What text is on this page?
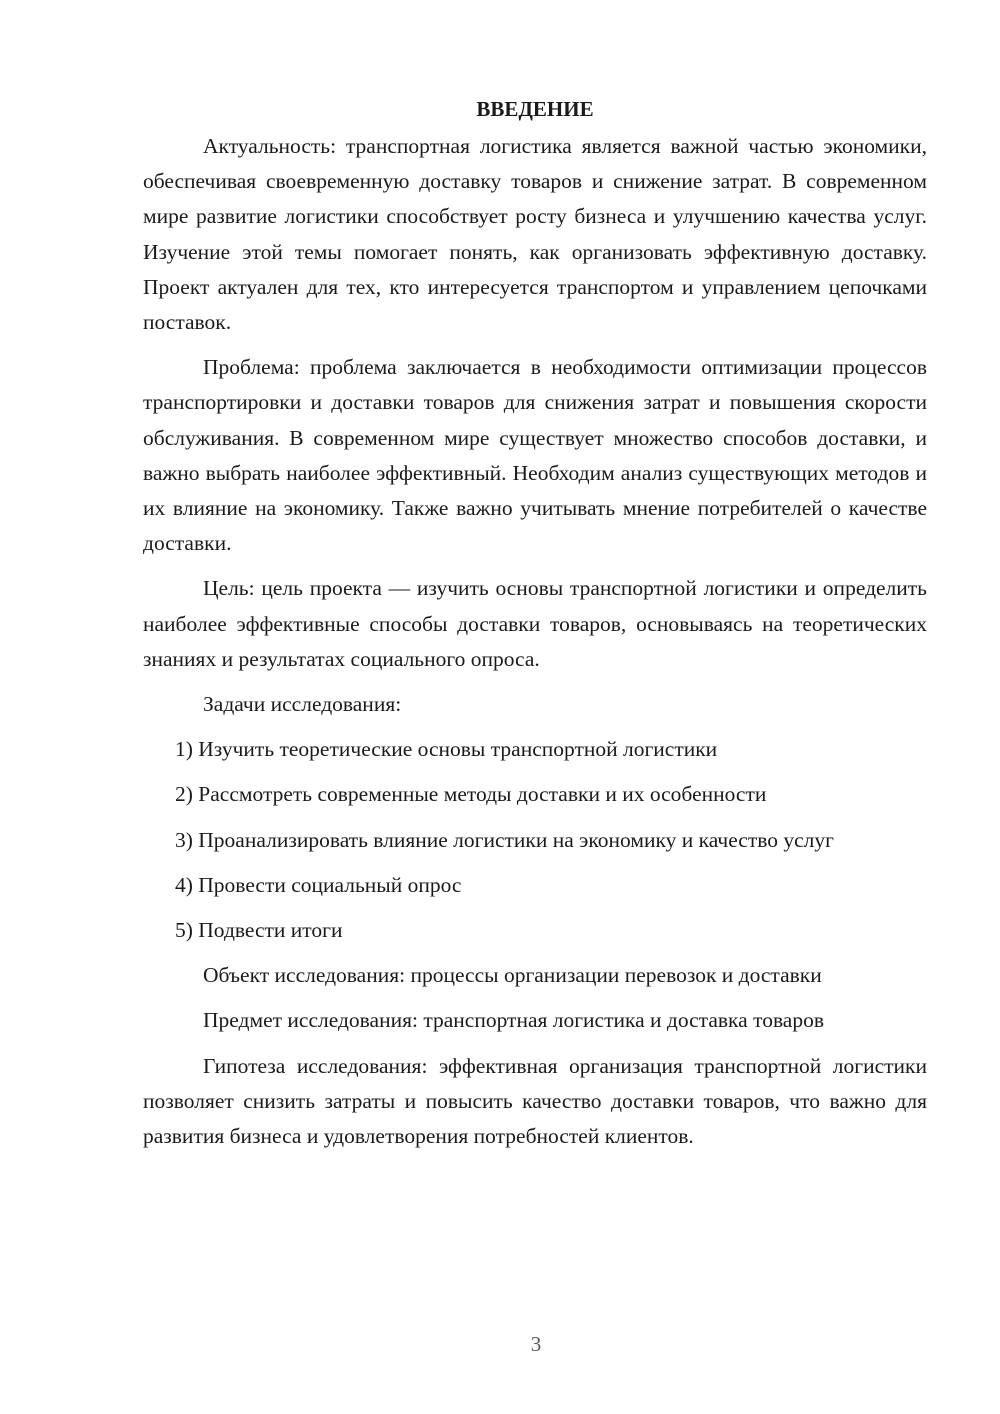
ВВЕДЕНИЕ

Актуальность: транспортная логистика является важной частью экономики, обеспечивая своевременную доставку товаров и снижение затрат. В современном мире развитие логистики способствует росту бизнеса и улучшению качества услуг. Изучение этой темы помогает понять, как организовать эффективную доставку. Проект актуален для тех, кто интересуется транспортом и управлением цепочками поставок.

Проблема: проблема заключается в необходимости оптимизации процессов транспортировки и доставки товаров для снижения затрат и повышения скорости обслуживания. В современном мире существует множество способов доставки, и важно выбрать наиболее эффективный. Необходим анализ существующих методов и их влияние на экономику. Также важно учитывать мнение потребителей о качестве доставки.

Цель: цель проекта — изучить основы транспортной логистики и определить наиболее эффективные способы доставки товаров, основываясь на теоретических знаниях и результатах социального опроса.

Задачи исследования:

1) Изучить теоретические основы транспортной логистики

2) Рассмотреть современные методы доставки и их особенности

3) Проанализировать влияние логистики на экономику и качество услуг

4) Провести социальный опрос

5) Подвести итоги

Объект исследования: процессы организации перевозок и доставки

Предмет исследования: транспортная логистика и доставка товаров

Гипотеза исследования: эффективная организация транспортной логистики позволяет снизить затраты и повысить качество доставки товаров, что важно для развития бизнеса и удовлетворения потребностей клиентов.

3
